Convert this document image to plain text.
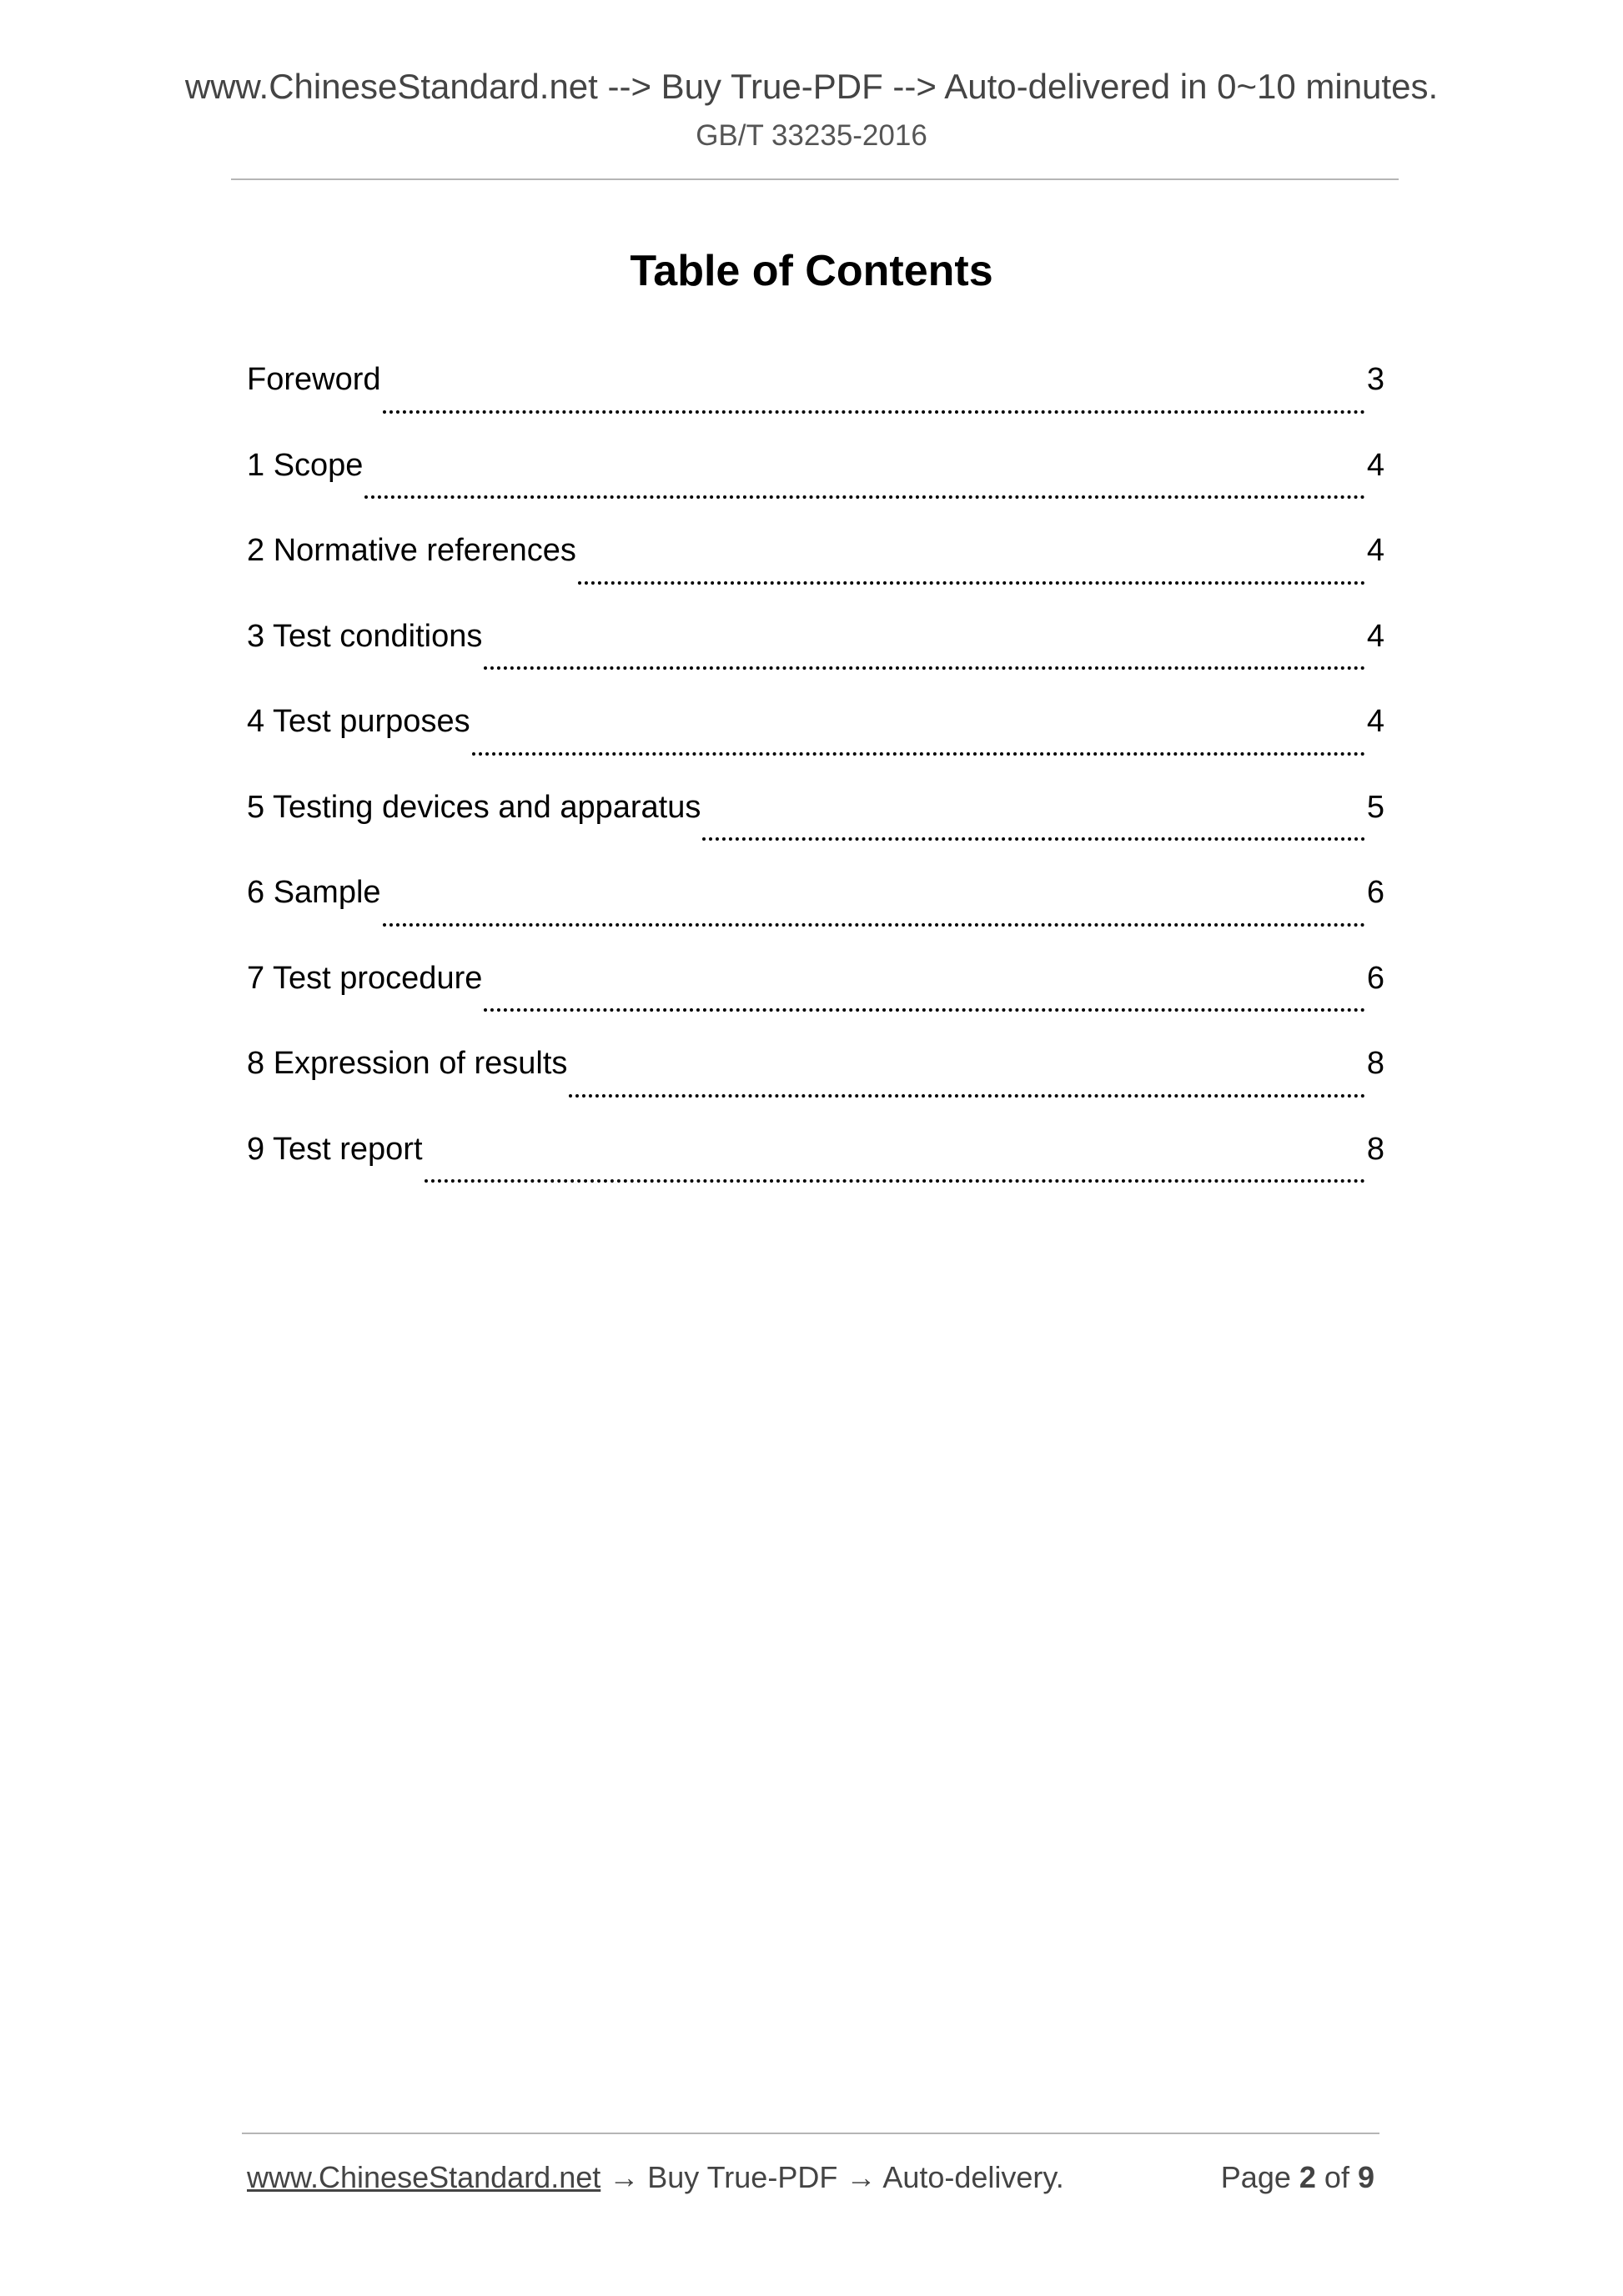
www.ChineseStandard.net --> Buy True-PDF --> Auto-delivered in 0~10 minutes.
GB/T 33235-2016
Table of Contents
Foreword	3
1 Scope	4
2 Normative references	4
3 Test conditions	4
4 Test purposes	4
5 Testing devices and apparatus	5
6 Sample	6
7 Test procedure	6
8 Expression of results	8
9 Test report	8
www.ChineseStandard.net → Buy True-PDF → Auto-delivery.	Page 2 of 9
